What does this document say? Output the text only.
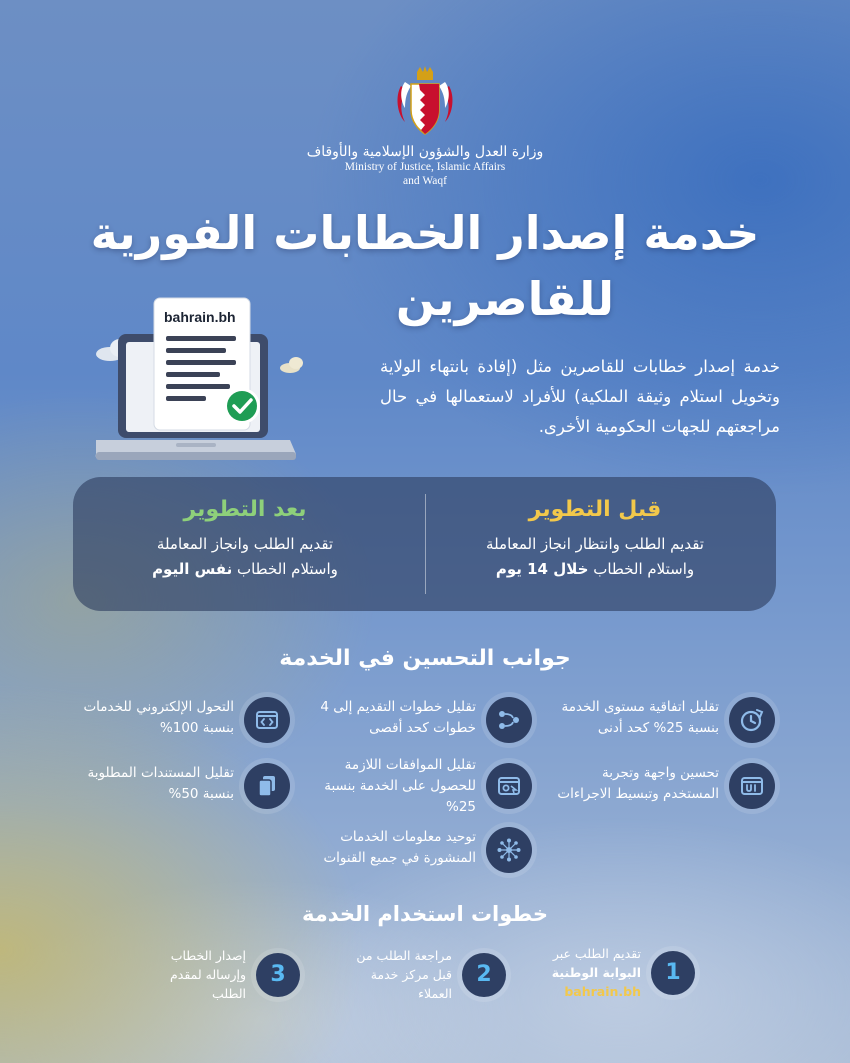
وزارة العدل والشؤون الإسلامية والأوقاف
Ministry of Justice, Islamic Affairs
and Waqf
خدمة إصدار الخطابات الفورية
للقاصرين
bahrain.bh
خدمة إصدار خطابات للقاصرين مثل (إفادة بانتهاء الولاية وتخويل استلام وثيقة الملكية) للأفراد لاستعمالها في حال مراجعتهم للجهات الحكومية الأخرى.
قبل التطوير
تقديم الطلب وانتظار انجاز المعاملة
واستلام الخطاب خلال 14 يوم
بعد التطوير
تقديم الطلب وانجاز المعاملة
واستلام الخطاب نفس اليوم
جوانب التحسين في الخدمة
تقليل اتفاقية مستوى الخدمة بنسبة 25% كحد أدنى
تقليل خطوات التقديم إلى 4 خطوات كحد أقصى
التحول الإلكتروني للخدمات بنسبة 100%
تحسين واجهة وتجربة المستخدم وتبسيط الاجراءات
تقليل الموافقات اللازمة للحصول على الخدمة بنسبة 25%
تقليل المستندات المطلوبة بنسبة 50%
توحيد معلومات الخدمات المنشورة في جميع القنوات
خطوات استخدام الخدمة
1
تقديم الطلب عبر
البوابة الوطنية
bahrain.bh
2
مراجعة الطلب من قبل مركز خدمة العملاء
3
إصدار الخطاب وإرساله لمقدم الطلب
